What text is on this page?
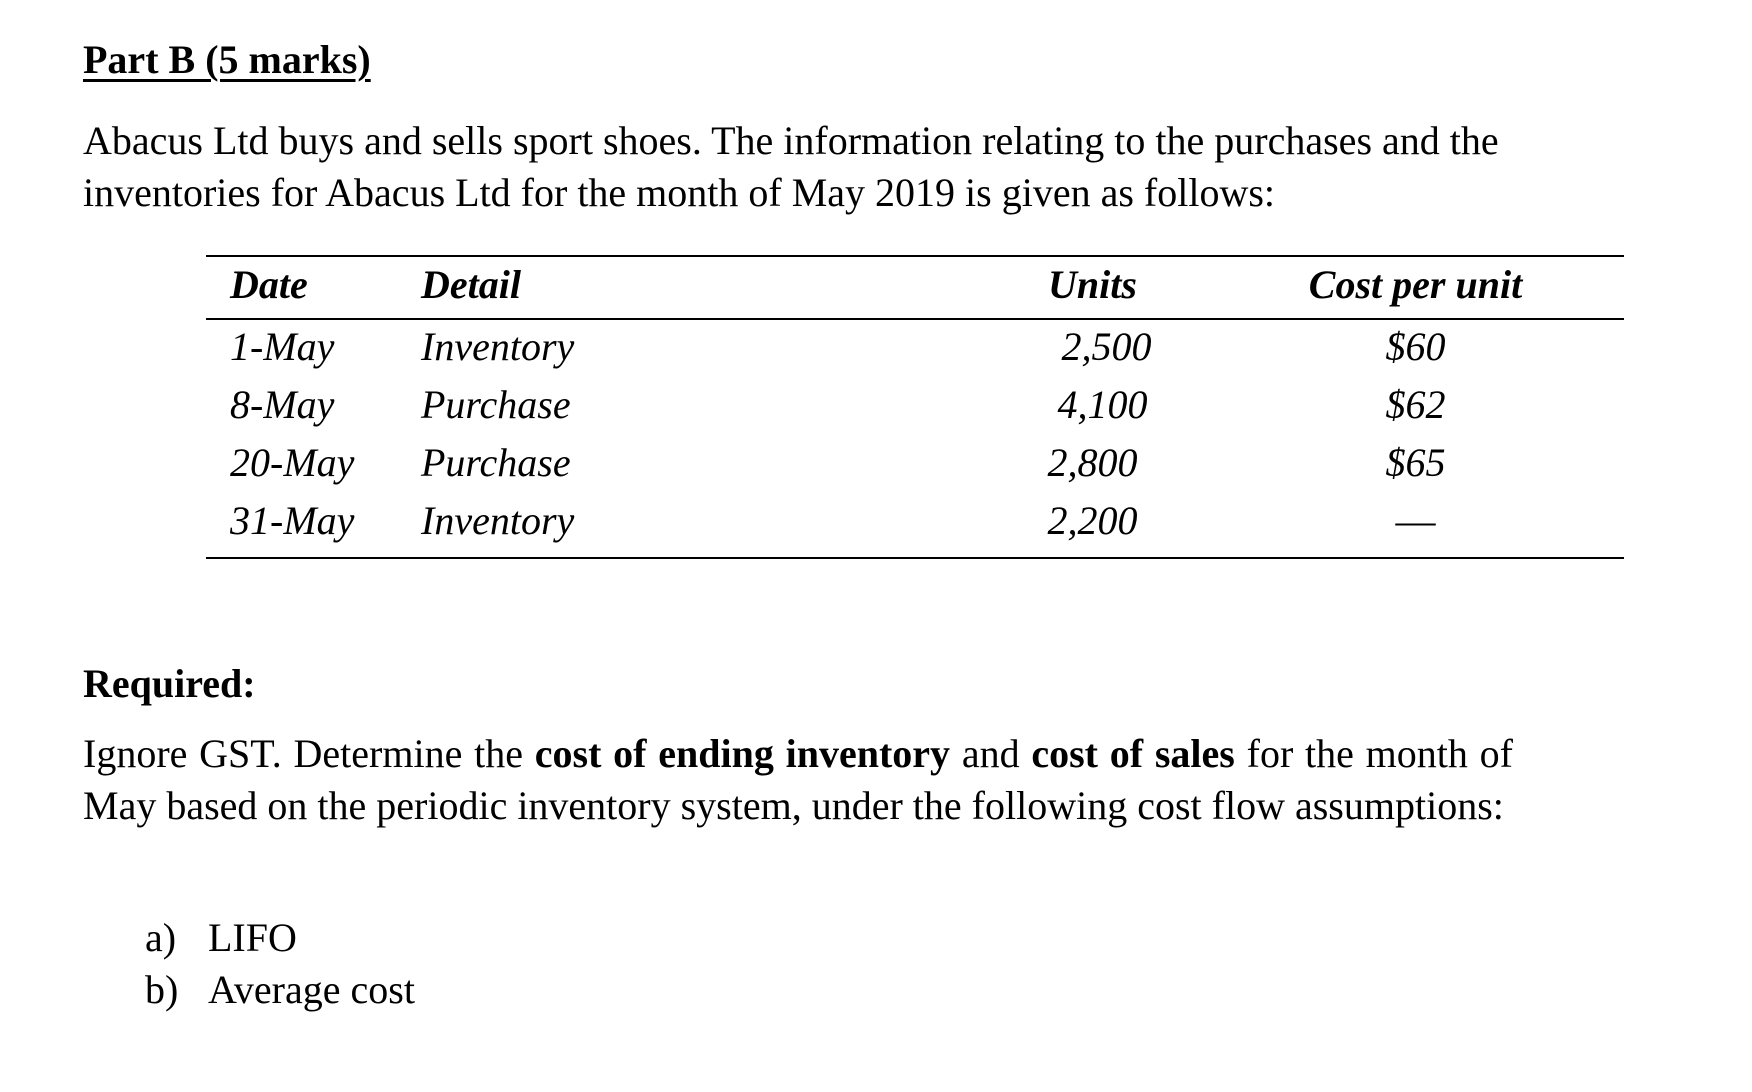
Part B (5 marks)

Abacus Ltd buys and sells sport shoes. The information relating to the purchases and the

inventories for Abacus Ltd for the month of May 2019 is given as follows:

Date	Detail	Units	Cost per unit
1-May Inventory	2,500	$60
8-May Purchase	4,100	$62
20-May Purchase	2,800	$65
31-May Inventory	2,200	—
Required:

Ignore GST. Determine the cost of ending inventory and cost of sales for the month of May based on the periodic inventory system, under the following cost flow assumptions:

a) LIFO
b) Average cost
